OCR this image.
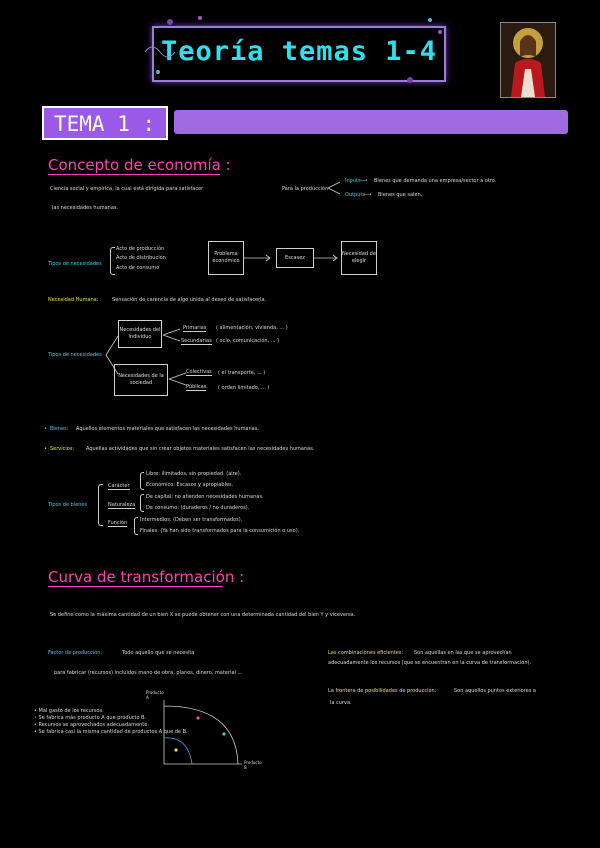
Teoría temas 1-4
TEMA 1 :
Concepto de economía :
Ciencia social y empírica, la cual está dirigida para satisfacer
las necesidades humanas.
Para la producción
Inputs ⟶ Bienes que demanda una empresa/sector a otro.
Outputs ⟶ Bienes que salen.
Tipos de necesidades
Acto de producción
Acto de distribución
Acto de consumo
Problema económico
Escasez
Necesidad de elegir
Necesidad Humana:	Sensación de carencia de algo unida al deseo de satisfacerla.
Tipos de necesidades
Necesidades del individuo
Primarias ( alimentación, vivienda, ... )
Secundarias ( ocio, comunicación, ... )
Necesidades de la sociedad
Colectivas ( el transporte, ... )
Públicas ( orden limitado, ... )
• Bienes: Aquellos elementos materiales que satisfacen las necesidades humanas.
• Servicios: Aquellas actividades que sin crear objetos materiales satisfacen las necesidades humanas.
Tipos de bienes
Carácter
Libre: ilimitados, sin propiedad. (aire).
Económico: Escasos y apropiables.
Naturaleza
De capital: no atienden necesidades humanas.
De consumo: (duraderos / no duraderos).
Función	Intermedios: (Deben ser transformados).
Finales: (Ya han sido transformados para la consumición o uso).
Curva de transformación :
Se define como la máxima cantidad de un bien X se puede obtener con una determinada cantidad del bien Y y viceversa.
Factor de producción:	Todo aquello que se necesita
para fabricar (recursos) incluidos mano de obra, planos, dinero, material ...
Las combinaciones eficientes: Son aquellas en las que se aprovechan
adecuadamente los recursos (que se encuentran en la curva de transformación).
La frontera de posibilidades de producción:	Son aquellos puntos exteriores a
la curva.
• Mal gasto de los recursos.
• Se fabrica más producto A que producto B.
• Recursos se aprovechados adecuadamente.
• Se fabrica casi la misma cantidad de productos A que de B.
Producto A
Producto B
